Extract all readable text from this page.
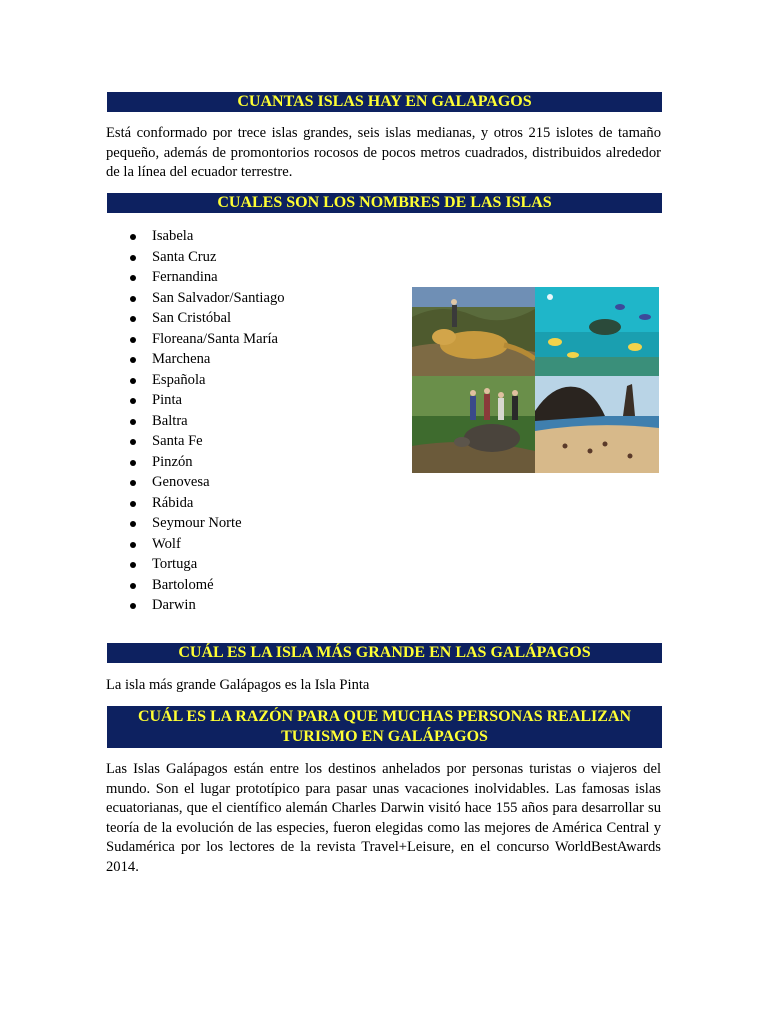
CUANTAS ISLAS HAY EN GALAPAGOS
Está conformado por trece islas grandes, seis islas medianas, y otros 215 islotes de tamaño pequeño, además de promontorios rocosos de pocos metros cuadrados, distribuidos alrededor de la línea del ecuador terrestre.
CUALES SON LOS NOMBRES DE LAS ISLAS
Isabela
Santa Cruz
Fernandina
San Salvador/Santiago
San Cristóbal
Floreana/Santa María
Marchena
Española
Pinta
Baltra
Santa Fe
Pinzón
Genovesa
Rábida
Seymour Norte
Wolf
Tortuga
Bartolomé
Darwin
CUÁL ES LA ISLA MÁS GRANDE EN LAS GALÁPAGOS
La isla más grande Galápagos es la Isla Pinta
CUÁL ES LA RAZÓN PARA QUE MUCHAS PERSONAS REALIZAN
TURISMO EN GALÁPAGOS
Las Islas Galápagos están entre los destinos anhelados por personas turistas o viajeros del mundo. Son el lugar prototípico para pasar unas vacaciones inolvidables. Las famosas islas ecuatorianas, que el científico alemán Charles Darwin visitó hace 155 años para desarrollar su teoría de la evolución de las especies, fueron elegidas como las mejores de América Central y Sudamérica por los lectores de la revista Travel+Leisure, en el concurso WorldBestAwards 2014.
